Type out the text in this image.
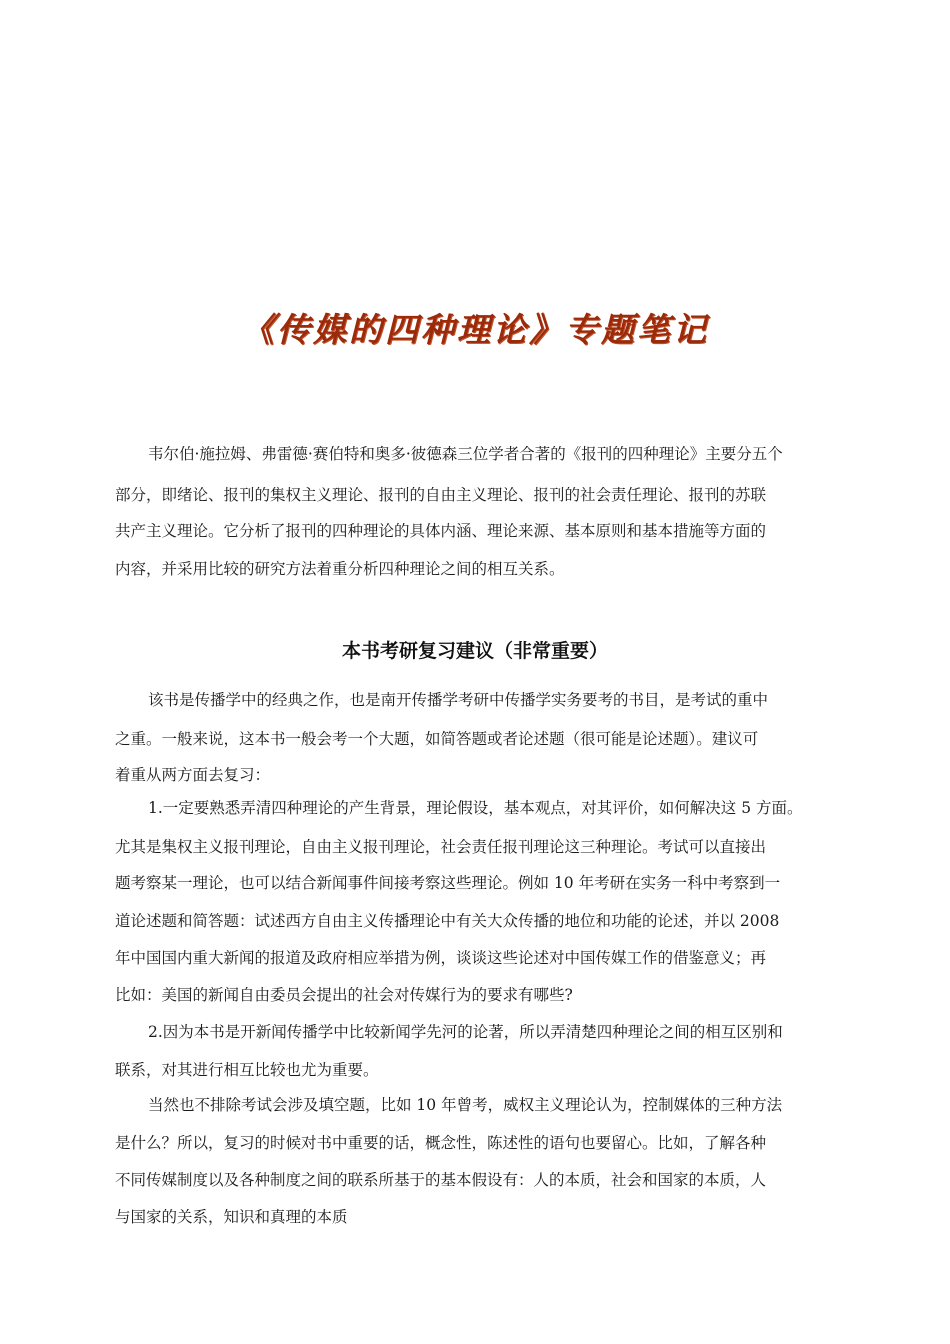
《传媒的四种理论》专题笔记
韦尔伯·施拉姆、弗雷德·赛伯特和奥多·彼德森三位学者合著的《报刊的四种理论》主要分五个
部分，即绪论、报刊的集权主义理论、报刊的自由主义理论、报刊的社会责任理论、报刊的苏联
共产主义理论。它分析了报刊的四种理论的具体内涵、理论来源、基本原则和基本措施等方面的
内容，并采用比较的研究方法着重分析四种理论之间的相互关系。
本书考研复习建议（非常重要）
该书是传播学中的经典之作，也是南开传播学考研中传播学实务要考的书目，是考试的重中
之重。一般来说，这本书一般会考一个大题，如简答题或者论述题（很可能是论述题）。建议可
着重从两方面去复习：
1.一定要熟悉弄清四种理论的产生背景，理论假设，基本观点，对其评价，如何解决这 5 方面。
尤其是集权主义报刊理论，自由主义报刊理论，社会责任报刊理论这三种理论。考试可以直接出
题考察某一理论，也可以结合新闻事件间接考察这些理论。例如 10 年考研在实务一科中考察到一
道论述题和简答题：试述西方自由主义传播理论中有关大众传播的地位和功能的论述，并以 2008
年中国国内重大新闻的报道及政府相应举措为例，谈谈这些论述对中国传媒工作的借鉴意义；再
比如：美国的新闻自由委员会提出的社会对传媒行为的要求有哪些?
2.因为本书是开新闻传播学中比较新闻学先河的论著，所以弄清楚四种理论之间的相互区别和
联系，对其进行相互比较也尤为重要。
当然也不排除考试会涉及填空题，比如 10 年曾考，威权主义理论认为，控制媒体的三种方法
是什么？所以，复习的时候对书中重要的话，概念性，陈述性的语句也要留心。比如，了解各种
不同传媒制度以及各种制度之间的联系所基于的基本假设有：人的本质，社会和国家的本质，人
与国家的关系，知识和真理的本质
